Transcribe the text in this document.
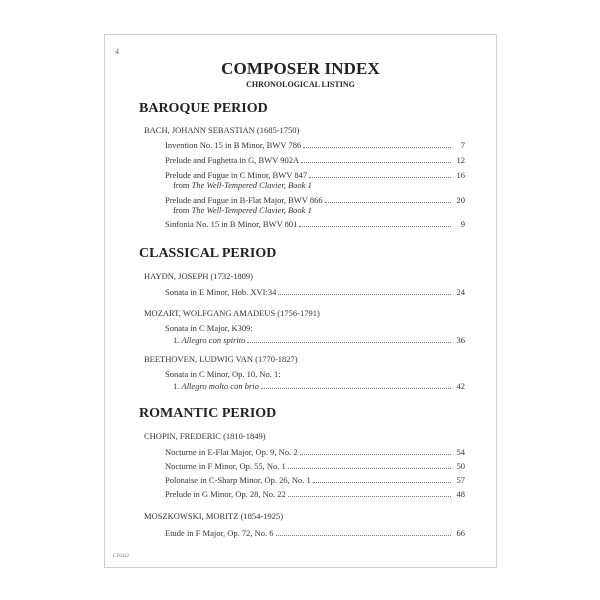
4
COMPOSER INDEX
CHRONOLOGICAL LISTING
BAROQUE PERIOD
BACH, JOHANN SEBASTIAN (1685-1750)
Invention No. 15 in B Minor, BWV 786	7
Prelude and Fughetta in G, BWV 902A	12
Prelude and Fugue in C Minor, BWV 847	16
from The Well-Tempered Clavier, Book 1
Prelude and Fugue in B-Flat Major, BWV 866	20
from The Well-Tempered Clavier, Book 1
Sinfonia No. 15 in B Minor, BWV 801	9
CLASSICAL PERIOD
HAYDN, JOSEPH (1732-1809)
Sonata in E Minor, Hob. XVI:34	24
MOZART, WOLFGANG AMADEUS (1756-1791)
Sonata in C Major, K309:
1. Allegro con spirito	36
BEETHOVEN, LUDWIG VAN (1770-1827)
Sonata in C Minor, Op. 10, No. 1:
1. Allegro molto con brio	42
ROMANTIC PERIOD
CHOPIN, FREDERIC (1810-1849)
Nocturne in E-Flat Major, Op. 9, No. 2	54
Nocturne in F Minor, Op. 55, No. 1	50
Polonaise in C-Sharp Minor, Op. 26, No. 1	57
Prelude in G Minor, Op. 28, No. 22	48
MOSZKOWSKI, MORITZ (1854-1925)
Etude in F Major, Op. 72, No. 6	66
CF0442
